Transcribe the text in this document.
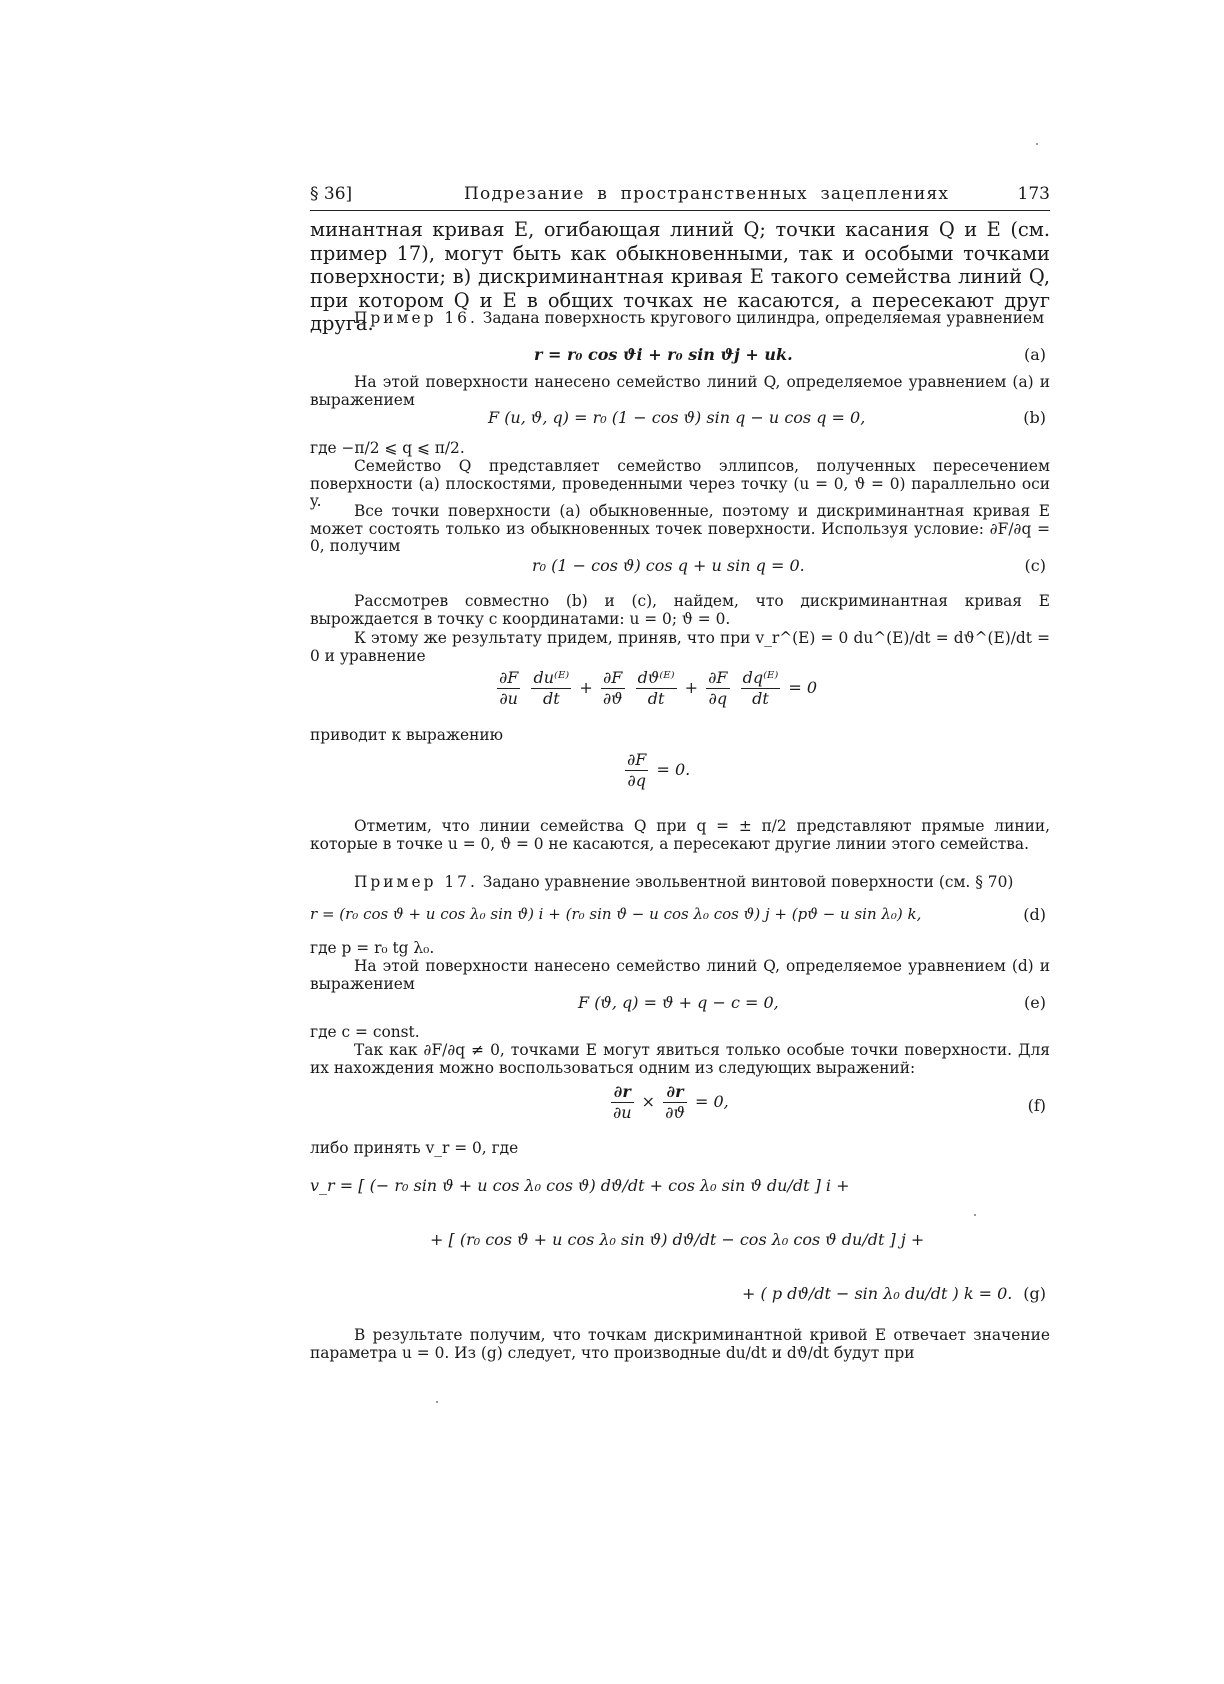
§ 36]	Подрезание в пространственных зацеплениях	173
минантная кривая E, огибающая линий Q; точки касания Q и E (см. пример 17), могут быть как обыкновенными, так и особыми точками поверхности; в) дискриминантная кривая E такого семейства линий Q, при котором Q и E в общих точках не касаются, а пересекают друг друга.
Пример 16. Задана поверхность кругового цилиндра, определяемая уравнением
r = r₀ cos ϑi + r₀ sin ϑj + uk.	(a)
На этой поверхности нанесено семейство линий Q, определяемое уравнением (a) и выражением
F (u, ϑ, q) = r₀ (1 − cos ϑ) sin q − u cos q = 0,	(b)
где −π/2 ⩽ q ⩽ π/2.
Семейство Q представляет семейство эллипсов, полученных пересечением поверхности (a) плоскостями, проведенными через точку (u = 0, ϑ = 0) параллельно оси y.
Все точки поверхности (a) обыкновенные, поэтому и дискриминантная кривая E может состоять только из обыкновенных точек поверхности. Используя условие: ∂F/∂q = 0, получим
r₀ (1 − cos ϑ) cos q + u sin q = 0.	(c)
Рассмотрев совместно (b) и (c), найдем, что дискриминантная кривая E вырождается в точку с координатами: u = 0; ϑ = 0.
К этому же результату придем, приняв, что при v_r^(E) = 0 du^(E)/dt = dϑ^(E)/dt = 0 и уравнение
$\frac{\partial F}{\partial u}$
$\frac{\text{du⁽ᴱ⁾}}{dt} + \frac{\partial F}{\partial ϑ}$
$\frac{\text{dϑ⁽ᴱ⁾}}{dt} + \frac{\partial F}{\partial q}$
$\frac{\text{dq⁽ᴱ⁾}}{dt} = 0$
приводит к выражению
$\frac{\partial F}{\partial q} = 0$.
Отметим, что линии семейства Q при q = ± π/2 представляют прямые линии, которые в точке u = 0, ϑ = 0 не касаются, а пересекают другие линии этого семейства.
Пример 17. Задано уравнение эвольвентной винтовой поверхности (см. § 70)
r = (r₀ cos ϑ + u cos λ₀ sin ϑ) i + (r₀ sin ϑ − u cos λ₀ cos ϑ) j + (pϑ − u sin λ₀) k,	(d)
где p = r₀ tg λ₀.
На этой поверхности нанесено семейство линий Q, определяемое уравнением (d) и выражением
F (ϑ, q) = ϑ + q − c = 0,	(e)
где c = const.
Так как ∂F/∂q ≠ 0, точками E могут явиться только особые точки поверхности. Для их нахождения можно воспользоваться одним из следующих выражений:
$\frac{\partial r}{\partial u} \times \frac{\partial r}{\partial ϑ} = 0$,	(f)
либо принять v_r = 0, где
v_r = [ (− r₀ sin ϑ + u cos λ₀ cos ϑ) dϑ/dt + cos λ₀ sin ϑ du/dt ] i +
+ [ (r₀ cos ϑ + u cos λ₀ sin ϑ) dϑ/dt − cos λ₀ cos ϑ du/dt ] j +
+ ( p dϑ/dt − sin λ₀ du/dt ) k = 0. (g)
В результате получим, что точкам дискриминантной кривой E отвечает значение параметра u = 0. Из (g) следует, что производные du/dt и dϑ/dt будут при
